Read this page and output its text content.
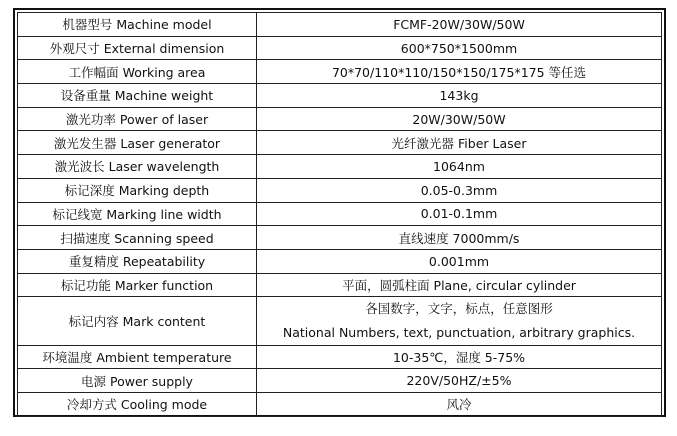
机器型号 Machine model	FCMF-20W/30W/50W
外观尺寸 External dimension	600*750*1500mm
工作幅面 Working area	70*70/110*110/150*150/175*175 等任选
设备重量 Machine weight	143kg
激光功率 Power of laser	20W/30W/50W
激光发生器 Laser generator	光纤激光器 Fiber Laser
激光波长 Laser wavelength	1064nm
标记深度 Marking depth	0.05-0.3mm
标记线宽 Marking line width	0.01-0.1mm
扫描速度 Scanning speed	直线速度 7000mm/s
重复精度 Repeatability	0.001mm
标记功能 Marker function	平面，圆弧柱面 Plane, circular cylinder
标记内容 Mark content	各国数字，文字，标点，任意图形
National Numbers, text, punctuation, arbitrary graphics.

环境温度 Ambient temperature	10-35℃，湿度 5-75%
电源 Power supply	220V/50HZ/±5%
冷却方式 Cooling mode	风冷
